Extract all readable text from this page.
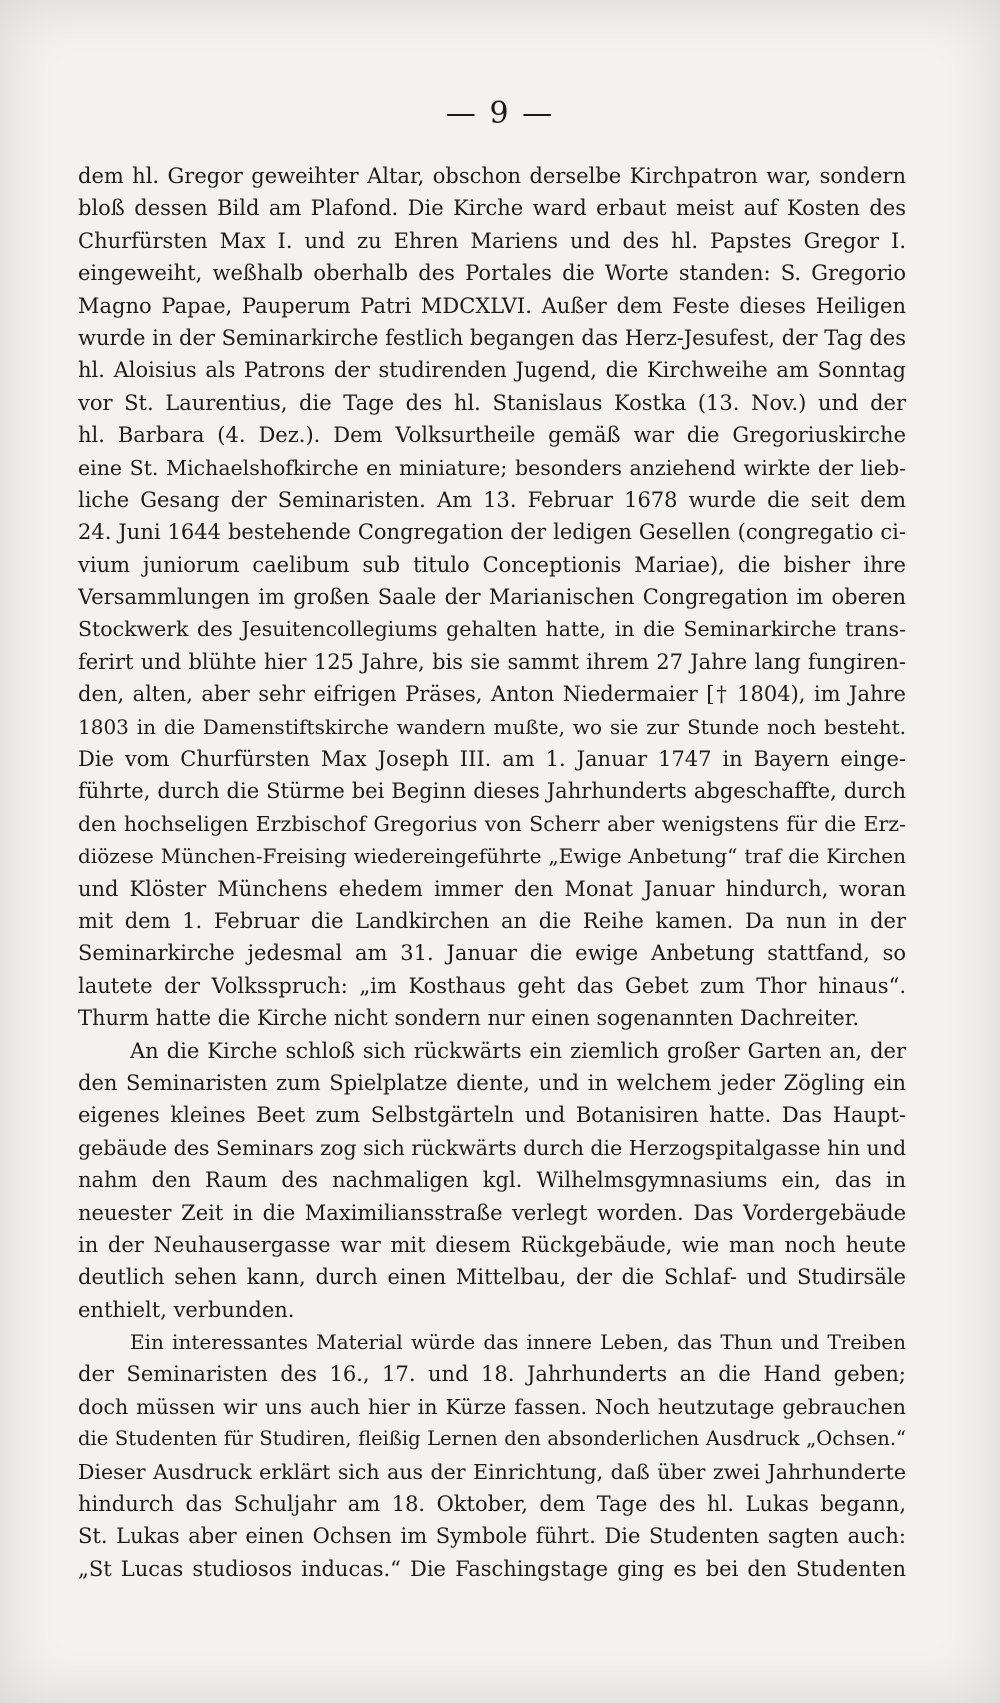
— 9 —
dem hl. Gregor geweihter Altar, obschon derselbe Kirchpatron war, sondern
bloß dessen Bild am Plafond. Die Kirche ward erbaut meist auf Kosten des
Churfürsten Max I. und zu Ehren Mariens und des hl. Papstes Gregor I.
eingeweiht, weßhalb oberhalb des Portales die Worte standen: S. Gregorio
Magno Papae, Pauperum Patri MDCXLVI. Außer dem Feste dieses Heiligen
wurde in der Seminarkirche festlich begangen das Herz-Jesufest, der Tag des
hl. Aloisius als Patrons der studirenden Jugend, die Kirchweihe am Sonntag
vor St. Laurentius, die Tage des hl. Stanislaus Kostka (13. Nov.) und der
hl. Barbara (4. Dez.). Dem Volksurtheile gemäß war die Gregoriuskirche
eine St. Michaelshofkirche en miniature; besonders anziehend wirkte der lieb-
liche Gesang der Seminaristen. Am 13. Februar 1678 wurde die seit dem
24. Juni 1644 bestehende Congregation der ledigen Gesellen (congregatio ci-
vium juniorum caelibum sub titulo Conceptionis Mariae), die bisher ihre
Versammlungen im großen Saale der Marianischen Congregation im oberen
Stockwerk des Jesuitencollegiums gehalten hatte, in die Seminarkirche trans-
ferirt und blühte hier 125 Jahre, bis sie sammt ihrem 27 Jahre lang fungiren-
den, alten, aber sehr eifrigen Präses, Anton Niedermaier [† 1804), im Jahre
1803 in die Damenstiftskirche wandern mußte, wo sie zur Stunde noch besteht.
Die vom Churfürsten Max Joseph III. am 1. Januar 1747 in Bayern einge-
führte, durch die Stürme bei Beginn dieses Jahrhunderts abgeschaffte, durch
den hochseligen Erzbischof Gregorius von Scherr aber wenigstens für die Erz-
diözese München-Freising wiedereingeführte „Ewige Anbetung“ traf die Kirchen
und Klöster Münchens ehedem immer den Monat Januar hindurch, woran
mit dem 1. Februar die Landkirchen an die Reihe kamen. Da nun in der
Seminarkirche jedesmal am 31. Januar die ewige Anbetung stattfand, so
lautete der Volksspruch: „im Kosthaus geht das Gebet zum Thor hinaus“.
Thurm hatte die Kirche nicht sondern nur einen sogenannten Dachreiter.
An die Kirche schloß sich rückwärts ein ziemlich großer Garten an, der
den Seminaristen zum Spielplatze diente, und in welchem jeder Zögling ein
eigenes kleines Beet zum Selbstgärteln und Botanisiren hatte. Das Haupt-
gebäude des Seminars zog sich rückwärts durch die Herzogspitalgasse hin und
nahm den Raum des nachmaligen kgl. Wilhelmsgymnasiums ein, das in
neuester Zeit in die Maximiliansstraße verlegt worden. Das Vordergebäude
in der Neuhausergasse war mit diesem Rückgebäude, wie man noch heute
deutlich sehen kann, durch einen Mittelbau, der die Schlaf- und Studirsäle
enthielt, verbunden.
Ein interessantes Material würde das innere Leben, das Thun und Treiben
der Seminaristen des 16., 17. und 18. Jahrhunderts an die Hand geben;
doch müssen wir uns auch hier in Kürze fassen. Noch heutzutage gebrauchen
die Studenten für Studiren, fleißig Lernen den absonderlichen Ausdruck „Ochsen.“
Dieser Ausdruck erklärt sich aus der Einrichtung, daß über zwei Jahrhunderte
hindurch das Schuljahr am 18. Oktober, dem Tage des hl. Lukas begann,
St. Lukas aber einen Ochsen im Symbole führt. Die Studenten sagten auch:
„St Lucas studiosos inducas.“ Die Faschingstage ging es bei den Studenten
